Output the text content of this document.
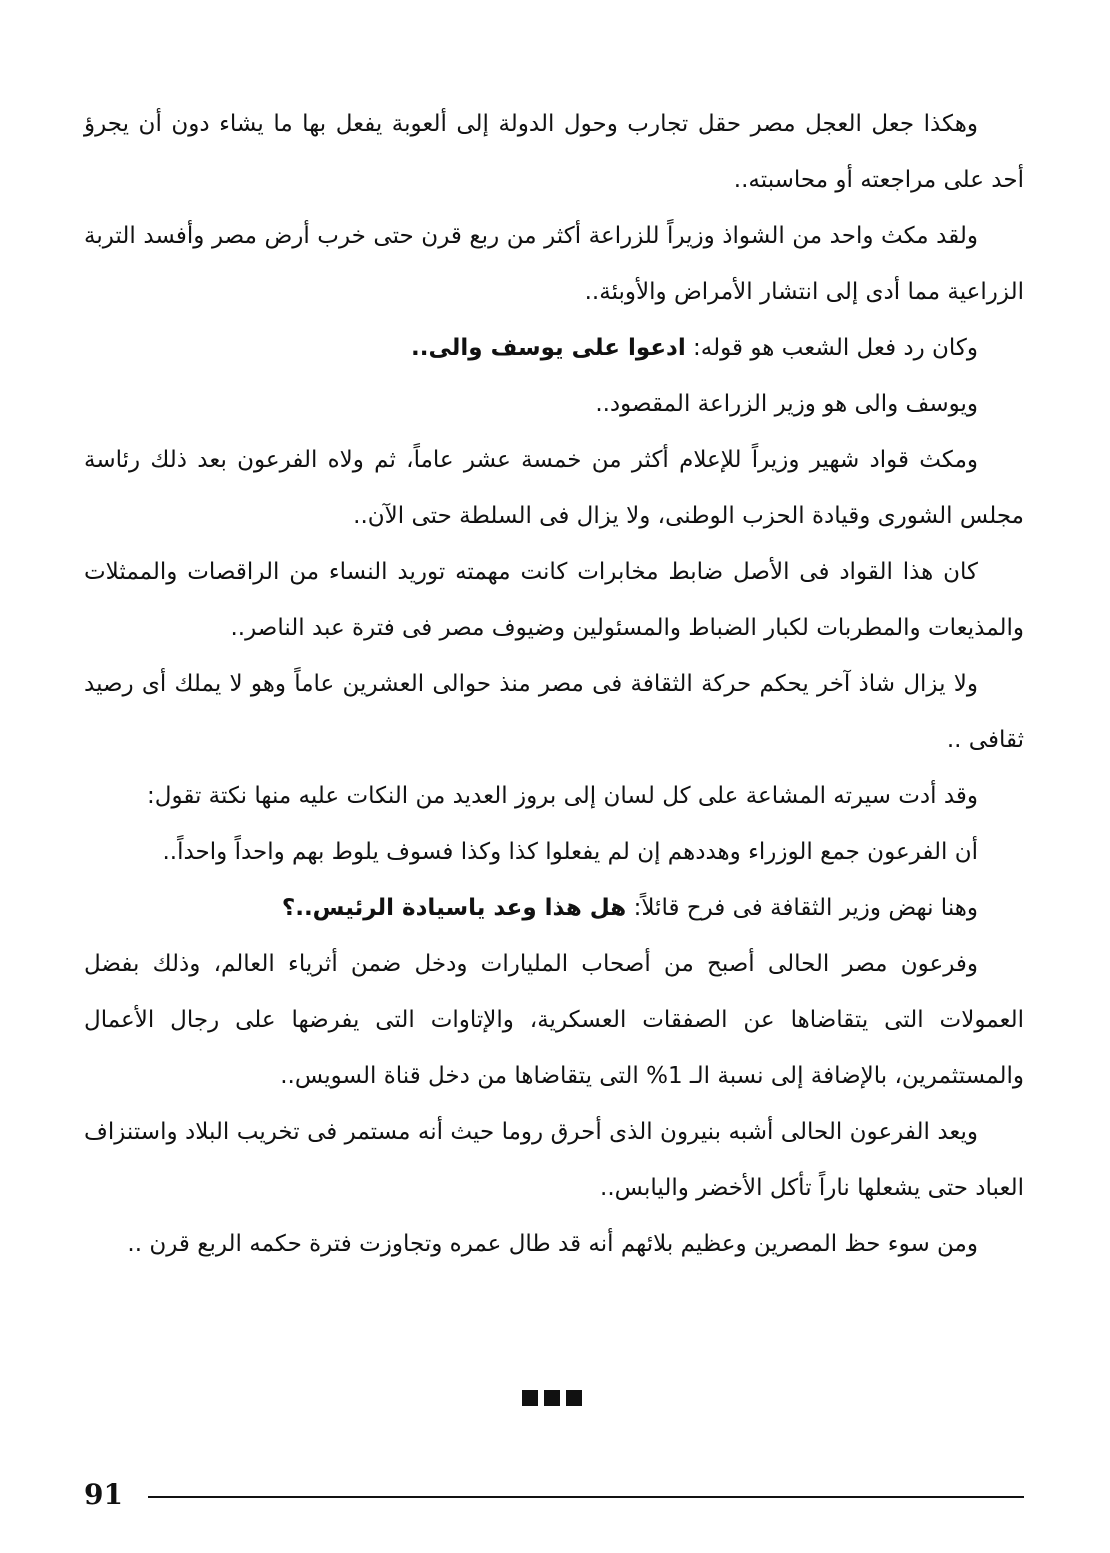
وهكذا جعل العجل مصر حقل تجارب وحول الدولة إلى ألعوبة يفعل بها ما يشاء دون أن يجرؤ أحد على مراجعته أو محاسبته..

ولقد مكث واحد من الشواذ وزيراً للزراعة أكثر من ربع قرن حتى خرب أرض مصر وأفسد التربة الزراعية مما أدى إلى انتشار الأمراض والأوبئة..

وكان رد فعل الشعب هو قوله: ادعوا على يوسف والى..

ويوسف والى هو وزير الزراعة المقصود..

ومكث قواد شهير وزيراً للإعلام أكثر من خمسة عشر عاماً، ثم ولاه الفرعون بعد ذلك رئاسة مجلس الشورى وقيادة الحزب الوطنى، ولا يزال فى السلطة حتى الآن..

كان هذا القواد فى الأصل ضابط مخابرات كانت مهمته توريد النساء من الراقصات والممثلات والمذيعات والمطربات لكبار الضباط والمسئولين وضيوف مصر فى فترة عبد الناصر..

ولا يزال شاذ آخر يحكم حركة الثقافة فى مصر منذ حوالى العشرين عاماً وهو لا يملك أى رصيد ثقافى ..

وقد أدت سيرته المشاعة على كل لسان إلى بروز العديد من النكات عليه منها نكتة تقول:

أن الفرعون جمع الوزراء وهددهم إن لم يفعلوا كذا وكذا فسوف يلوط بهم واحداً واحداً..

وهنا نهض وزير الثقافة فى فرح قائلاً: هل هذا وعد ياسيادة الرئيس..؟

وفرعون مصر الحالى أصبح من أصحاب المليارات ودخل ضمن أثرياء العالم، وذلك بفضل العمولات التى يتقاضاها عن الصفقات العسكرية، والإتاوات التى يفرضها على رجال الأعمال والمستثمرين، بالإضافة إلى نسبة الـ 1% التى يتقاضاها من دخل قناة السويس..

ويعد الفرعون الحالى أشبه بنيرون الذى أحرق روما حيث أنه مستمر فى تخريب البلاد واستنزاف العباد حتى يشعلها ناراً تأكل الأخضر واليابس..

ومن سوء حظ المصرين وعظيم بلائهم أنه قد طال عمره وتجاوزت فترة حكمه الربع قرن ..

91
